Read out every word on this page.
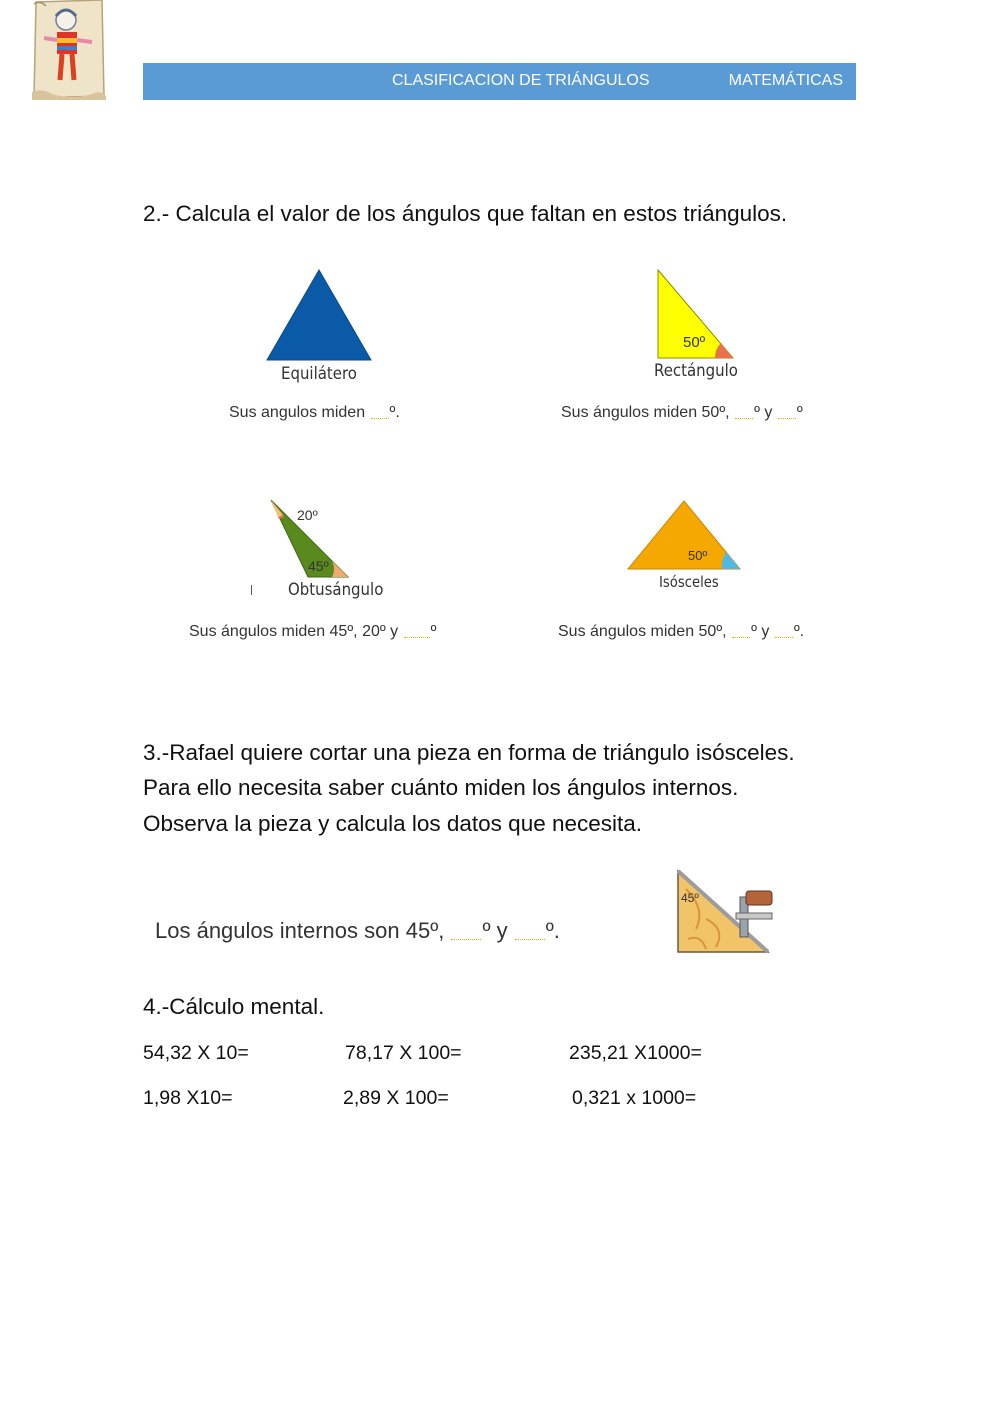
CLASIFICACION DE TRIÁNGULOS	MATEMÁTICAS
2.- Calcula el valor de los ángulos que faltan en estos triángulos.
Equilátero
Sus angulos miden º.
50º
Rectángulo
Sus ángulos miden 50º, º y º
20º
45º
Obtusángulo
Sus ángulos miden 45º, 20º y º
50º
Isósceles
Sus ángulos miden 50º, º y º.
3.-Rafael quiere cortar una pieza en forma de triángulo isósceles.
Para ello necesita saber cuánto miden los ángulos internos.
Observa la pieza y calcula los datos que necesita.
Los ángulos internos son 45º, º y º.
45º
4.-Cálculo mental.
54,32 X 10=	78,17 X 100=	235,21 X1000=
1,98 X10=	2,89 X 100=	0,321 x 1000=
